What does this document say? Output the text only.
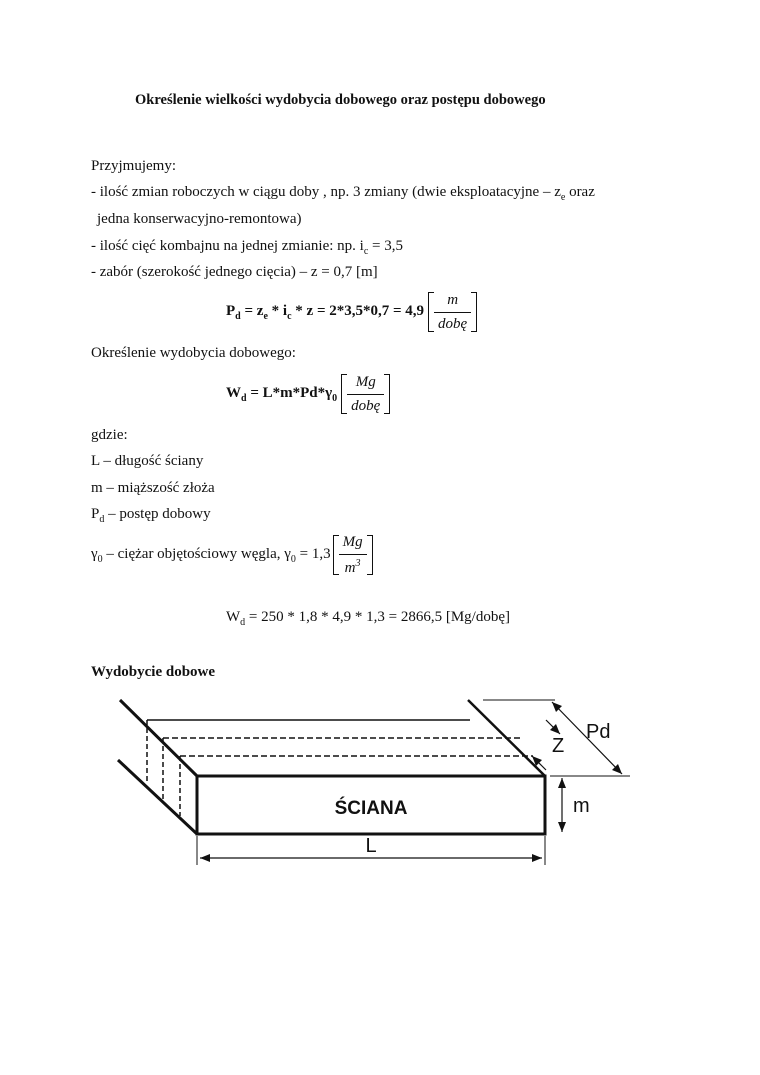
Określenie wielkości wydobycia dobowego oraz postępu dobowego
Przyjmujemy:
- ilość zmian roboczych w ciągu doby , np. 3 zmiany (dwie eksploatacyjne – $z_e$ oraz
jedna konserwacyjno-remontowa)
- ilość cięć kombajnu na jednej zmianie: np. $i_c = 3,5$
- zabór (szerokość jednego cięcia) – z = 0,7 [m]
$P_d = z_e * i_c * z = 2*3,5*0,7 = 4,9 \frac{m}{\text{dobę}}$
Określenie wydobycia dobowego:
$W_d = L*m*Pd*\gamma_0 \frac{Mg}{\text{dobę}}$
gdzie:
L – długość ściany
m – miąższość złoża
$P_d$ – postęp dobowy
$\gamma_0$ – ciężar objętościowy węgla, $\gamma_0 = 1,3 \frac{Mg}{m^3}$
$W_d = 250 * 1,8 * 4,9 * 1,3 = 2866,5$ [Mg/dobę]
Wydobycie dobowe
ŚCIANA
L
m
Z
Pd
